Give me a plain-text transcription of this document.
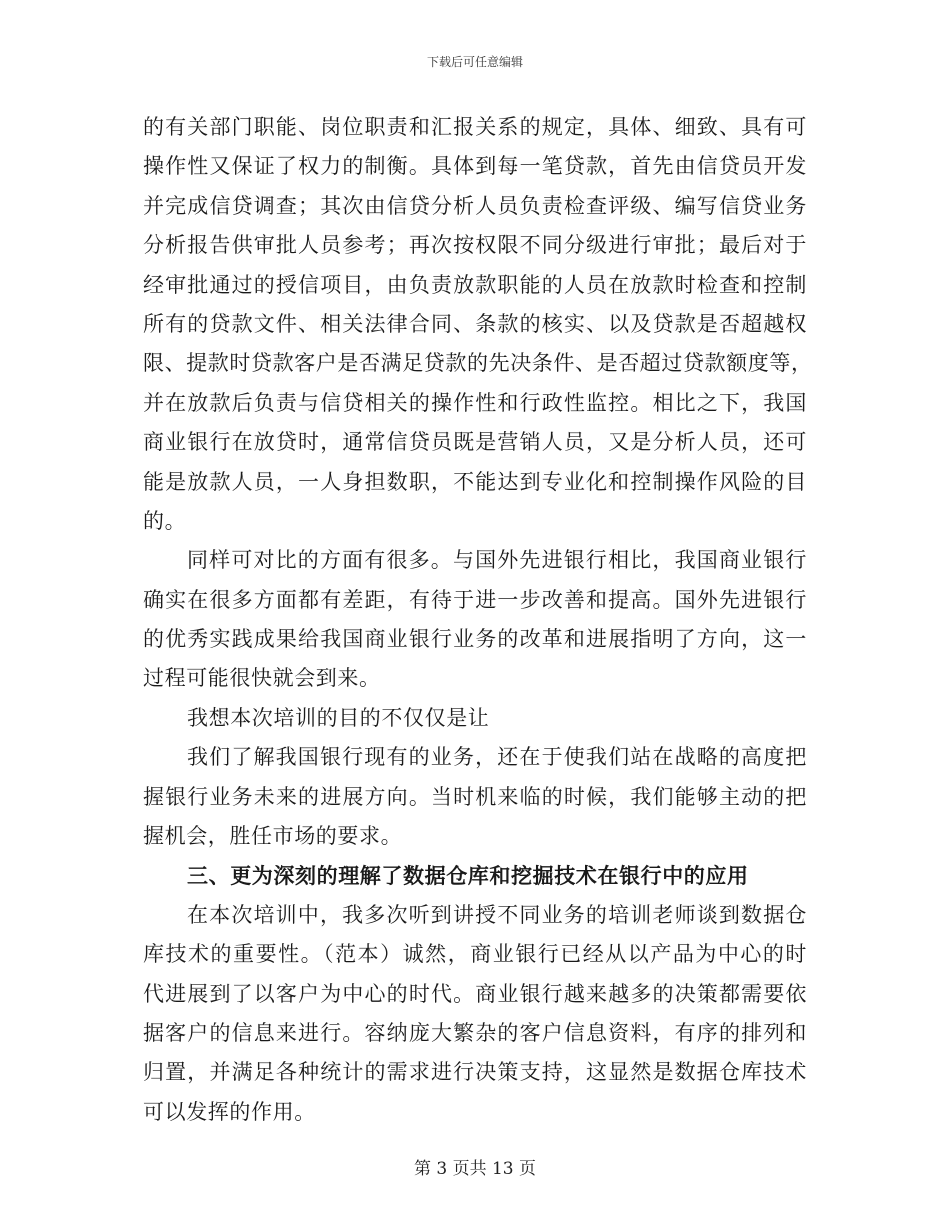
下载后可任意编辑
的有关部门职能、岗位职责和汇报关系的规定，具体、细致、具有可
操作性又保证了权力的制衡。具体到每一笔贷款，首先由信贷员开发
并完成信贷调查；其次由信贷分析人员负责检查评级、编写信贷业务
分析报告供审批人员参考；再次按权限不同分级进行审批；最后对于
经审批通过的授信项目，由负责放款职能的人员在放款时检查和控制
所有的贷款文件、相关法律合同、条款的核实、以及贷款是否超越权
限、提款时贷款客户是否满足贷款的先决条件、是否超过贷款额度等，
并在放款后负责与信贷相关的操作性和行政性监控。相比之下，我国
商业银行在放贷时，通常信贷员既是营销人员，又是分析人员，还可
能是放款人员，一人身担数职，不能达到专业化和控制操作风险的目
的。
同样可对比的方面有很多。与国外先进银行相比，我国商业银行
确实在很多方面都有差距，有待于进一步改善和提高。国外先进银行
的优秀实践成果给我国商业银行业务的改革和进展指明了方向，这一
过程可能很快就会到来。
我想本次培训的目的不仅仅是让
我们了解我国银行现有的业务，还在于使我们站在战略的高度把
握银行业务未来的进展方向。当时机来临的时候，我们能够主动的把
握机会，胜任市场的要求。
三、更为深刻的理解了数据仓库和挖掘技术在银行中的应用
在本次培训中，我多次听到讲授不同业务的培训老师谈到数据仓
库技术的重要性。（范本）诚然，商业银行已经从以产品为中心的时
代进展到了以客户为中心的时代。商业银行越来越多的决策都需要依
据客户的信息来进行。容纳庞大繁杂的客户信息资料，有序的排列和
归置，并满足各种统计的需求进行决策支持，这显然是数据仓库技术
可以发挥的作用。
第 3 页共 13 页
